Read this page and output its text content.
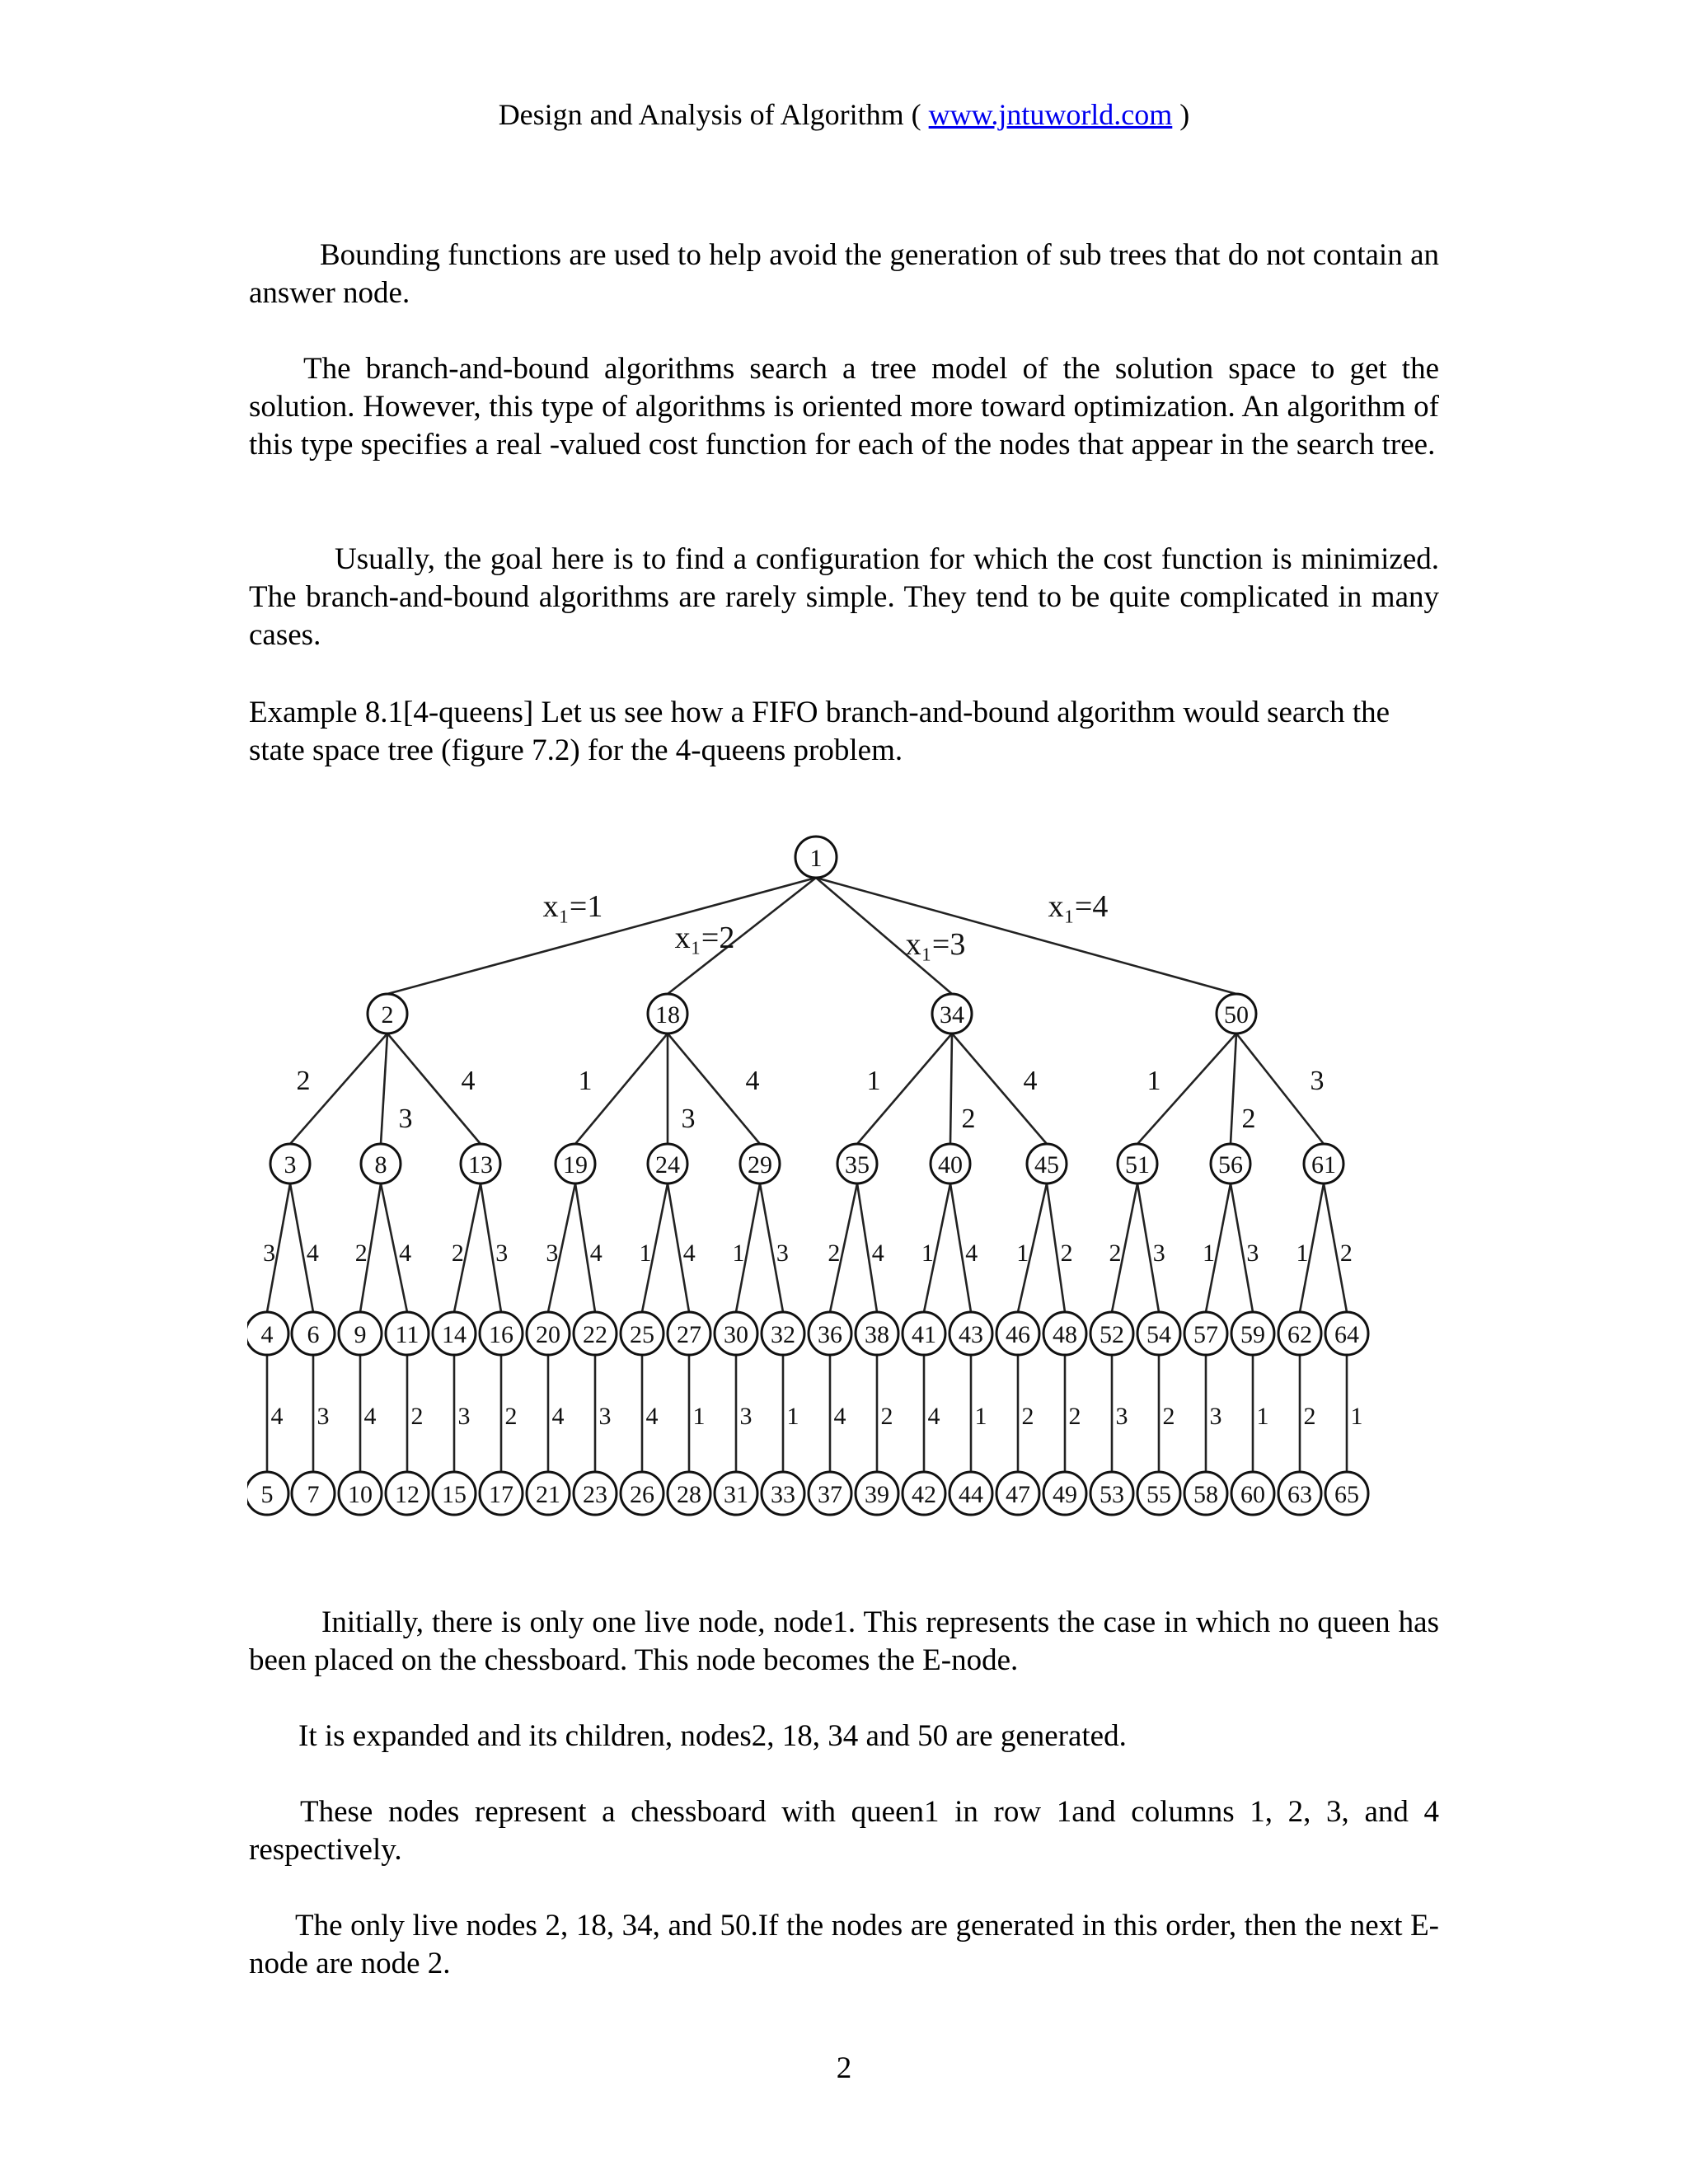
Design and Analysis of Algorithm ( www.jntuworld.com )

Bounding functions are used to help avoid the generation of sub trees that do not contain an answer node.

The branch-and-bound algorithms search a tree model of the solution space to get the solution. However, this type of algorithms is oriented more toward optimization. An algorithm of this type specifies a real -valued cost function for each of the nodes that appear in the search tree.

Usually, the goal here is to find a configuration for which the cost function is minimized. The branch-and-bound algorithms are rarely simple. They tend to be quite complicated in many cases.

Example 8.1[4-queens] Let us see how a FIFO branch-and-bound algorithm would search the state space tree (figure 7.2) for the 4-queens problem.

x₁=1
x₁=2	x₁=3
x₁=4
2
3
4	1
3
4	1
2
4	1
2
3
3 4 2 4 2 3 3 4 1 4 1 3 2 4 1 4 1 2 2 3 1 3 1 2
4 3 4 2 3 2 4 3 4 1 3 1 4 2 4 1 2 2 3 2 3 1 2 1
1
2	18	34	50
3	8	13	19	24	29	35	40	45	51	56	61
4 6 9 11 14 16 20 22 25 27 30 32 36 38 41 43 46 48 52 54 57 59 62 64
5 7 10 12 15 17 21 23 26 28 31 33 37 39 42 44 47 49 53 55 58 60 63 65

Initially, there is only one live node, node1. This represents the case in which no queen has been placed on the chessboard. This node becomes the E-node.

It is expanded and its children, nodes2, 18, 34 and 50 are generated.

These nodes represent a chessboard with queen1 in row 1and columns 1, 2, 3, and 4 respectively.

The only live nodes 2, 18, 34, and 50.If the nodes are generated in this order, then the next E-node are node 2.

2
